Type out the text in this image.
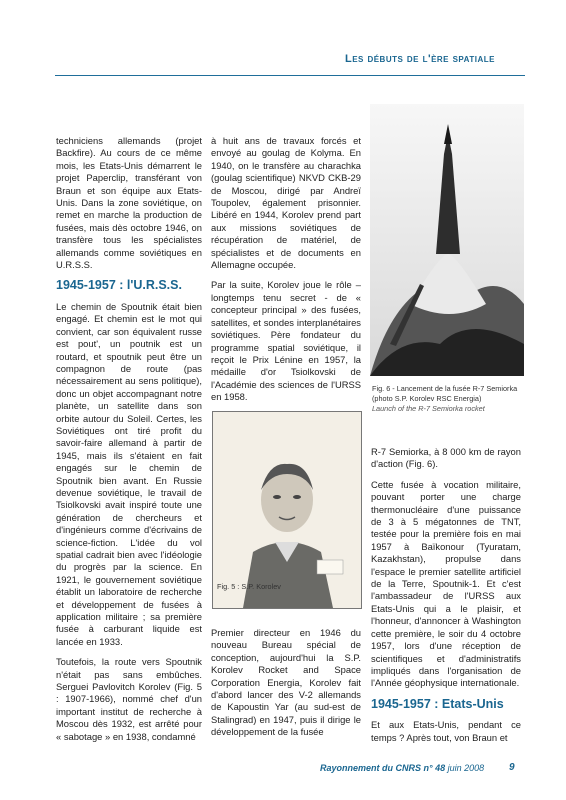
Les débuts de l'ère spatiale

techniciens allemands (projet Backfire). Au cours de ce même mois, les Etats-Unis démarrent le projet Paperclip, transférant von Braun et son équipe aux Etats-Unis. Dans la zone soviétique, on remet en marche la production de fusées, mais dès octobre 1946, on transfère tous les spécialistes allemands comme soviétiques en U.R.S.S.

1945-1957 : l'U.R.S.S.

Le chemin de Spoutnik était bien engagé. Et chemin est le mot qui convient, car son équivalent russe est pout', un poutnik est un routard, et spoutnik peut être un compagnon de route (pas nécessairement au sens politique), donc un objet accompagnant notre planète, un satellite dans son orbite autour du Soleil. Certes, les Soviétiques ont tiré profit du savoir-faire allemand à partir de 1945, mais ils s'étaient en fait engagés sur le chemin de Spoutnik bien avant. En Russie devenue soviétique, le travail de Tsiolkovski avait inspiré toute une génération de chercheurs et d'ingénieurs comme d'écrivains de science-fiction. L'idée du vol spatial cadrait bien avec l'idéologie du progrès par la science. En 1921, le gouvernement soviétique établit un laboratoire de recherche et développement de fusées à application militaire ; sa première fusée à carburant liquide est lancée en 1933.

Toutefois, la route vers Spoutnik n'était pas sans embûches. Serguei Pavlovitch Korolev (Fig. 5 : 1907-1966), nommé chef d'un important institut de recherche à Moscou dès 1932, est arrêté pour « sabotage » en 1938, condamné

à huit ans de travaux forcés et envoyé au goulag de Kolyma. En 1940, on le transfère au charachka (goulag scientifique) NKVD CKB-29 de Moscou, dirigé par Andreï Toupolev, également prisonnier. Libéré en 1944, Korolev prend part aux missions soviétiques de récupération de matériel, de spécialistes et de documents en Allemagne occupée.

Par la suite, Korolev joue le rôle – longtemps tenu secret - de « concepteur principal » des fusées, satellites, et sondes interplanétaires soviétiques. Père fondateur du programme spatial soviétique, il reçoit le Prix Lénine en 1957, la médaille d'or Tsiolkovski de l'Académie des sciences de l'URSS en 1958.

Fig. 5 : S.P. Korolev

Premier directeur en 1946 du nouveau Bureau spécial de conception, aujourd'hui la S.P. Korolev Rocket and Space Corporation Energia, Korolev fait d'abord lancer des V-2 allemands de Kapoustin Yar (au sud-est de Stalingrad) en 1947, puis il dirige le développement de la fusée

Fig. 6 - Lancement de la fusée R-7 Semiorka (photo S.P. Korolev RSC Energia)
Launch of the R-7 Semiorka rocket

R-7 Semiorka, à 8 000 km de rayon d'action (Fig. 6).

Cette fusée à vocation militaire, pouvant porter une charge thermonucléaire d'une puissance de 3 à 5 mégatonnes de TNT, testée pour la première fois en mai 1957 à Baïkonour (Tyuratam, Kazakhstan), propulse dans l'espace le premier satellite artificiel de la Terre, Spoutnik-1. Et c'est l'ambassadeur de l'URSS aux Etats-Unis qui a le plaisir, et l'honneur, d'annoncer à Washington cette première, le soir du 4 octobre 1957, lors d'une réception de scientifiques et d'administratifs impliqués dans l'organisation de l'Année géophysique internationale.

1945-1957 : Etats-Unis

Et aux Etats-Unis, pendant ce temps ? Après tout, von Braun et

Rayonnement du CNRS n° 48 juin 2008 9
